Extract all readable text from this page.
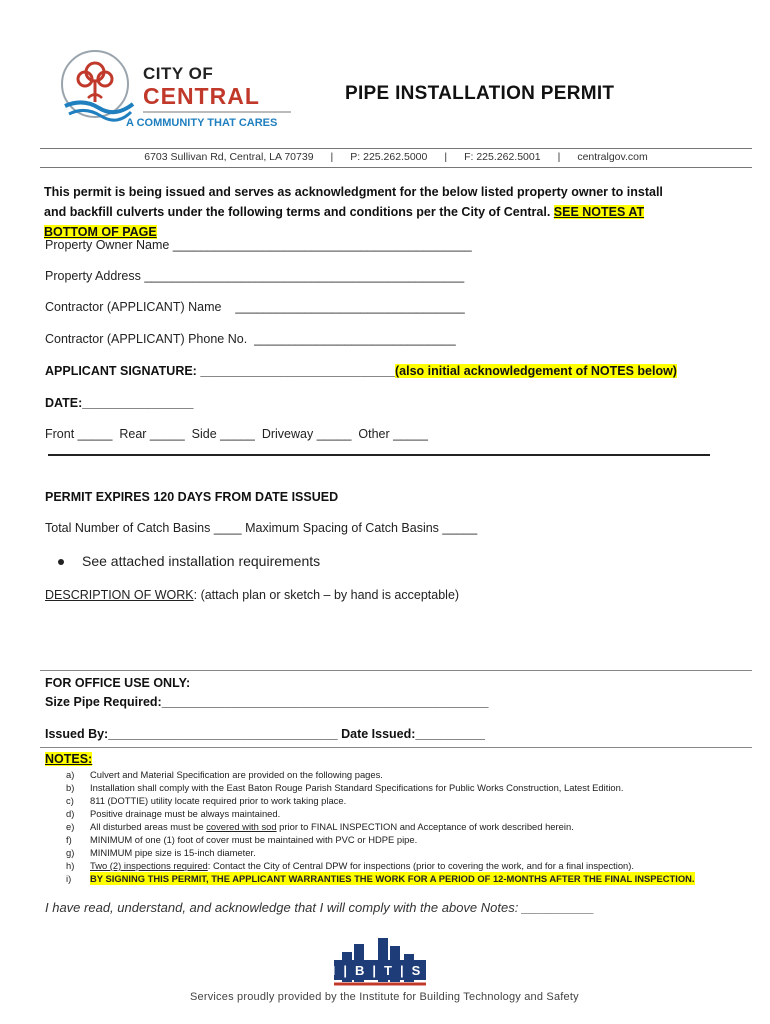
CITY OF
CENTRAL
A COMMUNITY THAT CARES
PIPE INSTALLATION PERMIT
6703 Sullivan Rd, Central, LA 70739 | P: 225.262.5000 | F: 225.262.5001 | centralgov.com
This permit is being issued and serves as acknowledgment for the below listed property owner to install and backfill culverts under the following terms and conditions per the City of Central. SEE NOTES AT BOTTOM OF PAGE
Property Owner Name ___________________________________________
Property Address ______________________________________________
Contractor (APPLICANT) Name    _________________________________
Contractor (APPLICANT) Phone No.  _____________________________
APPLICANT SIGNATURE: ____________________________(also initial acknowledgement of NOTES below)
DATE:________________
Front _____  Rear _____  Side _____  Driveway _____  Other _____
PERMIT EXPIRES 120 DAYS FROM DATE ISSUED
Total Number of Catch Basins ____ Maximum Spacing of Catch Basins _____
See attached installation requirements
DESCRIPTION OF WORK: (attach plan or sketch – by hand is acceptable)
FOR OFFICE USE ONLY:
Size Pipe Required:_______________________________________________
Issued By:_________________________________ Date Issued:__________
NOTES:
a)	Culvert and Material Specification are provided on the following pages.
b)	Installation shall comply with the East Baton Rouge Parish Standard Specifications for Public Works Construction, Latest Edition.
c)	811 (DOTTIE) utility locate required prior to work taking place.
d)	Positive drainage must be always maintained.
e)	All disturbed areas must be covered with sod prior to FINAL INSPECTION and Acceptance of work described herein.
f)	MINIMUM of one (1) foot of cover must be maintained with PVC or HDPE pipe.
g)	MINIMUM pipe size is 15-inch diameter.
h)	Two (2) inspections required: Contact the City of Central DPW for inspections (prior to covering the work, and for a final inspection).
i)	BY SIGNING THIS PERMIT, THE APPLICANT WARRANTIES THE WORK FOR A PERIOD OF 12-MONTHS AFTER THE FINAL INSPECTION.
I have read, understand, and acknowledge that I will comply with the above Notes: __________
I|B|T|S
Services proudly provided by the Institute for Building Technology and Safety
